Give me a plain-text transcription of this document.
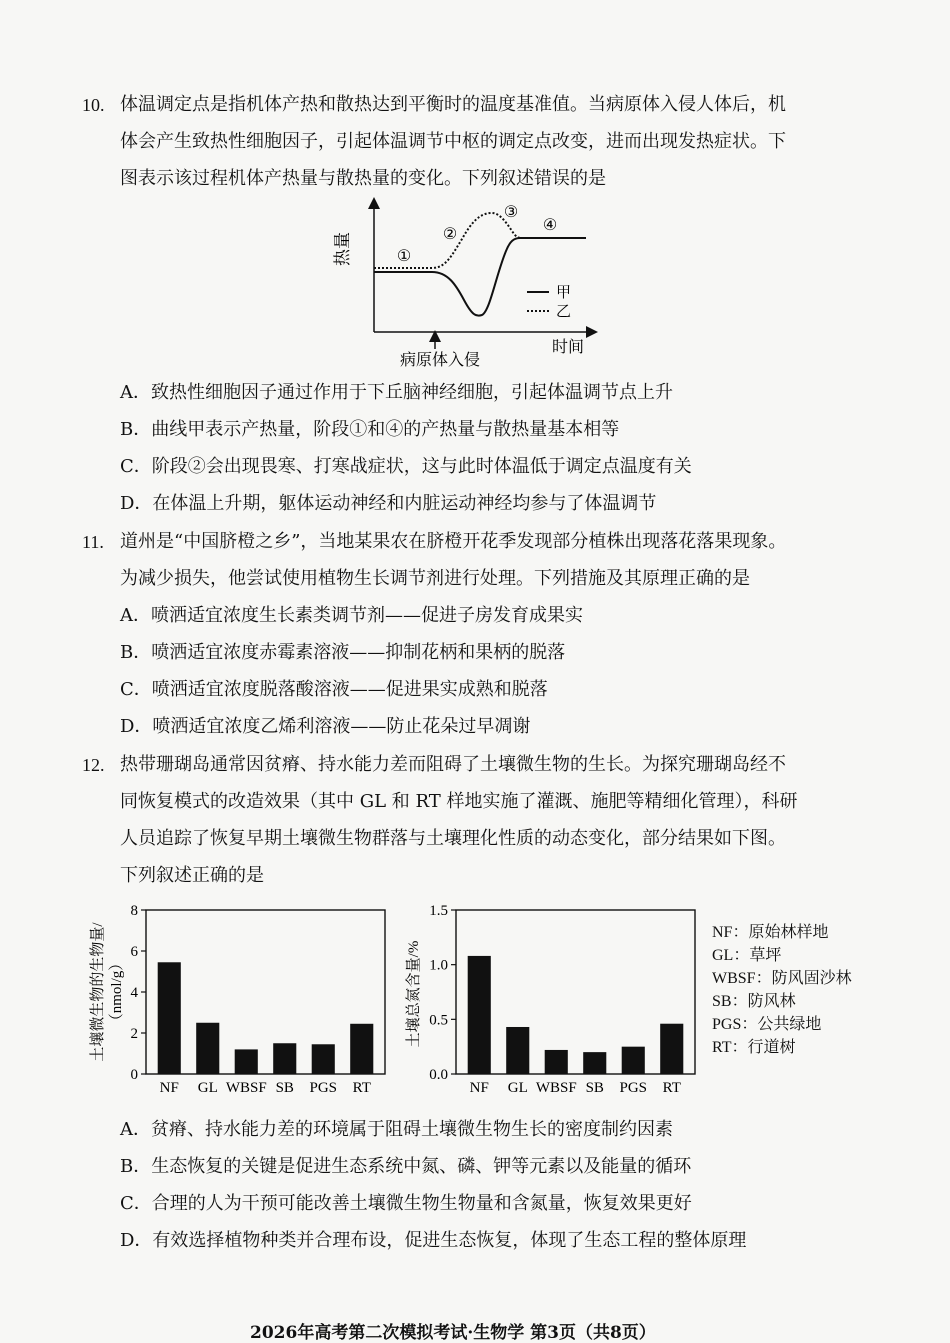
10. 体温调定点是指机体产热和散热达到平衡时的温度基准值。当病原体入侵人体后，机
体会产生致热性细胞因子，引起体温调节中枢的调定点改变，进而出现发热症状。下
图表示该过程机体产热量与散热量的变化。下列叙述错误的是
热量	①
②
③
④
甲
乙
病原体入侵
时间
A．致热性细胞因子通过作用于下丘脑神经细胞，引起体温调节点上升
B．曲线甲表示产热量，阶段①和④的产热量与散热量基本相等
C．阶段②会出现畏寒、打寒战症状，这与此时体温低于调定点温度有关
D．在体温上升期，躯体运动神经和内脏运动神经均参与了体温调节
11. 道州是“中国脐橙之乡”，当地某果农在脐橙开花季发现部分植株出现落花落果现象。
为减少损失，他尝试使用植物生长调节剂进行处理。下列措施及其原理正确的是
A．喷洒适宜浓度生长素类调节剂——促进子房发育成果实
B．喷洒适宜浓度赤霉素溶液——抑制花柄和果柄的脱落
C．喷洒适宜浓度脱落酸溶液——促进果实成熟和脱落
D．喷洒适宜浓度乙烯利溶液——防止花朵过早凋谢
12. 热带珊瑚岛通常因贫瘠、持水能力差而阻碍了土壤微生物的生长。为探究珊瑚岛经不
同恢复模式的改造效果（其中 GL 和 RT 样地实施了灌溉、施肥等精细化管理），科研
人员追踪了恢复早期土壤微生物群落与土壤理化性质的动态变化，部分结果如下图。
下列叙述正确的是
0
2
4
6
8
NF GL WBSF SB PGS RT
土壤微生物的生物量/ （nmol/g）
0.0
0.5
1.0
1.5
NF GL WBSF SB PGS RT
土壤总氮含量/%
NF：原始林样地
GL：草坪
WBSF：防风固沙林
SB：防风林
PGS：公共绿地
RT：行道树
A．贫瘠、持水能力差的环境属于阻碍土壤微生物生长的密度制约因素
B．生态恢复的关键是促进生态系统中氮、磷、钾等元素以及能量的循环
C．合理的人为干预可能改善土壤微生物生物量和含氮量，恢复效果更好
D．有效选择植物种类并合理布设，促进生态恢复，体现了生态工程的整体原理
2026年高考第二次模拟考试·生物学 第3页（共8页）
